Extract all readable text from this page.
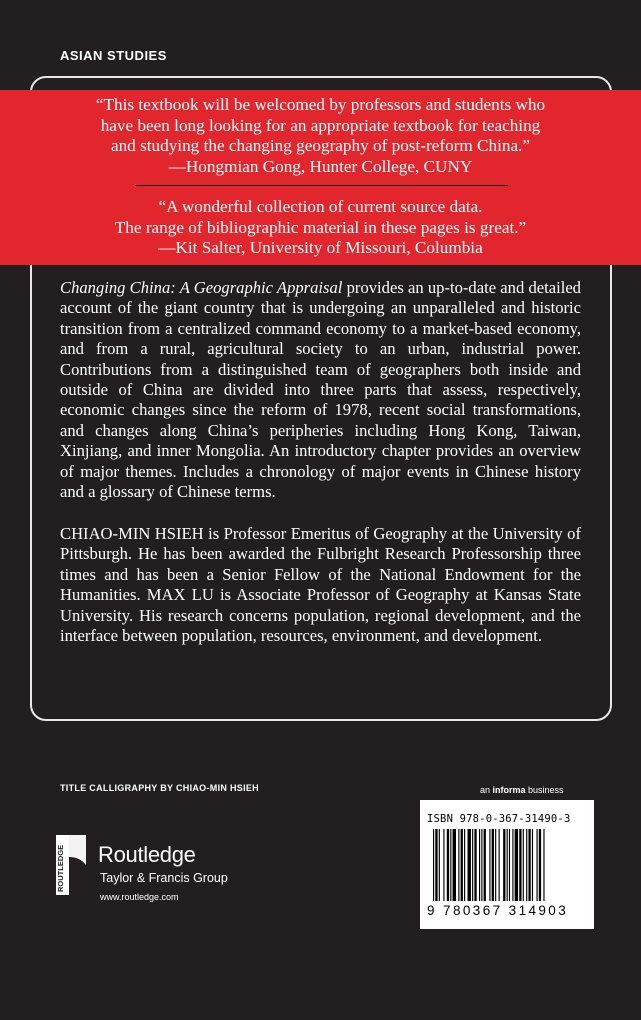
ASIAN STUDIES
“This textbook will be welcomed by professors and students who
have been long looking for an appropriate textbook for teaching
and studying the changing geography of post-reform China.”
—Hongmian Gong, Hunter College, CUNY
“A wonderful collection of current source data.
The range of bibliographic material in these pages is great.”
—Kit Salter, University of Missouri, Columbia
Changing China: A Geographic Appraisal provides an up-to-date and detailed account of the giant country that is undergoing an unparalleled and historic transition from a centralized command economy to a market-based economy, and from a rural, agricultural society to an urban, industrial power. Contributions from a distinguished team of geographers both inside and outside of China are divided into three parts that assess, respectively, economic changes since the reform of 1978, recent social transformations, and changes along China’s peripheries including Hong Kong, Taiwan, Xinjiang, and inner Mongolia. An introductory chapter provides an overview of major themes. Includes a chronology of major events in Chinese history and a glossary of Chinese terms.
CHIAO-MIN HSIEH is Professor Emeritus of Geography at the University of Pittsburgh. He has been awarded the Fulbright Research Professorship three times and has been a Senior Fellow of the National Endowment for the Humanities. MAX LU is Associate Professor of Geography at Kansas State University. His research concerns population, regional development, and the interface between population, resources, environment, and development.
TITLE CALLIGRAPHY BY CHIAO-MIN HSIEH	an informa business
ROUTLEDGE Routledge
Taylor & Francis Group
www.routledge.com
ISBN 978-0-367-31490-3
9 780367 314903
